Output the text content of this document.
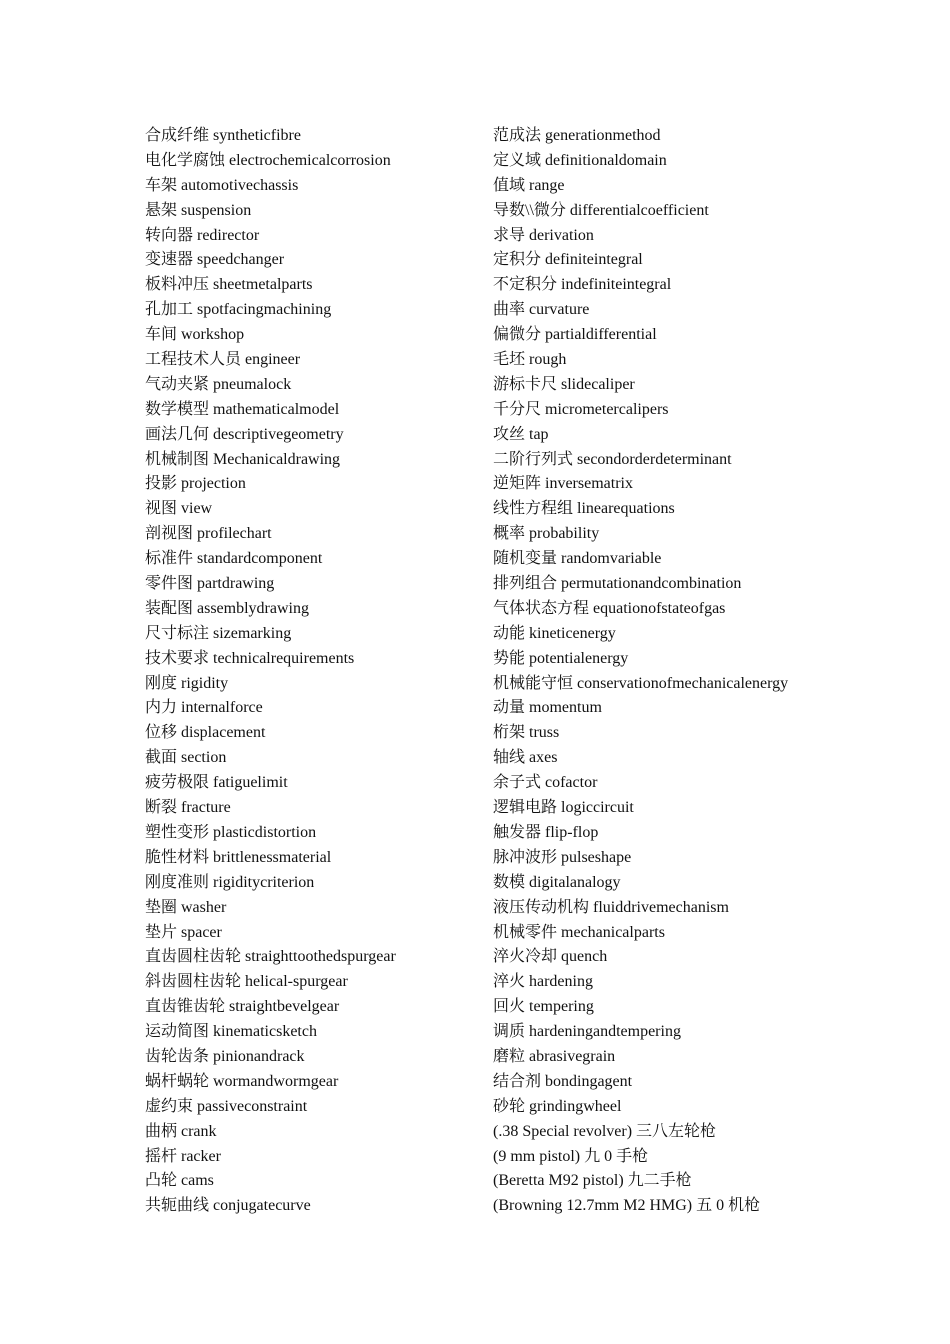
合成纤维 syntheticfibre
电化学腐蚀 electrochemicalcorrosion
车架 automotivechassis
悬架 suspension
转向器 redirector
变速器 speedchanger
板料冲压 sheetmetalparts
孔加工 spotfacingmachining
车间 workshop
工程技术人员 engineer
气动夹紧 pneumalock
数学模型 mathematicalmodel
画法几何 descriptivegeometry
机械制图 Mechanicaldrawing
投影 projection
视图 view
剖视图 profilechart
标准件 standardcomponent
零件图 partdrawing
装配图 assemblydrawing
尺寸标注 sizemarking
技术要求 technicalrequirements
刚度 rigidity
内力 internalforce
位移 displacement
截面 section
疲劳极限 fatiguelimit
断裂 fracture
塑性变形 plasticdistortion
脆性材料 brittlenessmaterial
刚度准则 rigiditycriterion
垫圈 washer
垫片 spacer
直齿圆柱齿轮 straighttoothedspurgear
斜齿圆柱齿轮 helical-spurgear
直齿锥齿轮 straightbevelgear
运动简图 kinematicsketch
齿轮齿条 pinionandrack
蜗杆蜗轮 wormandwormgear
虚约束 passiveconstraint
曲柄 crank
摇杆 racker
凸轮 cams
共轭曲线 conjugatecurve
范成法 generationmethod
定义域 definitionaldomain
值域 range
导数\\微分 differentialcoefficient
求导 derivation
定积分 definiteintegral
不定积分 indefiniteintegral
曲率 curvature
偏微分 partialdifferential
毛坯 rough
游标卡尺 slidecaliper
千分尺 micrometercalipers
攻丝 tap
二阶行列式 secondorderdeterminant
逆矩阵 inversematrix
线性方程组 linearequations
概率 probability
随机变量 randomvariable
排列组合 permutationandcombination
气体状态方程 equationofstateofgas
动能 kineticenergy
势能 potentialenergy
机械能守恒 conservationofmechanicalenergy
动量 momentum
桁架 truss
轴线 axes
余子式 cofactor
逻辑电路 logiccircuit
触发器 flip-flop
脉冲波形 pulseshape
数模 digitalanalogy
液压传动机构 fluiddrivemechanism
机械零件 mechanicalparts
淬火冷却 quench
淬火 hardening
回火 tempering
调质 hardeningandtempering
磨粒 abrasivegrain
结合剂 bondingagent
砂轮 grindingwheel
(.38 Special revolver) 三八左轮枪
(9 mm pistol) 九 0 手枪
(Beretta M92 pistol) 九二手枪
(Browning 12.7mm M2 HMG) 五 0 机枪
